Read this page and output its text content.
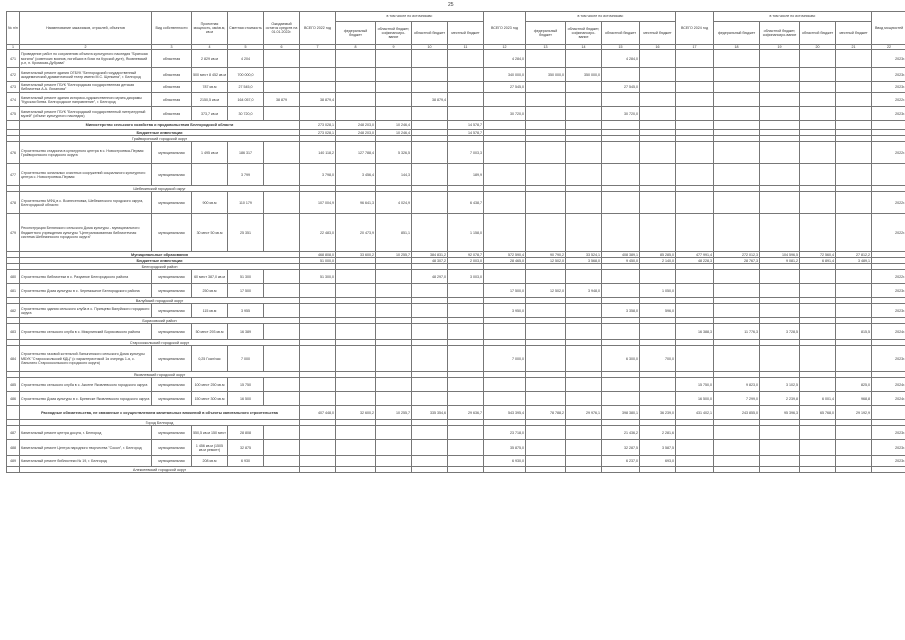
25
№ п/п	Наименование заказчиков, отраслей, объектов	Вид собственности	Проектная мощность, км/кв.м, кв.м	Сметная стоимость	Ожидаемый остаток средств на 01.01.2022г.	ВСЕГО 2022 год	в том числе по источникам:				ВСЕГО 2023 год	в том числе по источникам:				ВСЕГО 2024 год	в том числе по источникам:				Ввод мощностей
							федеральный бюджет	областной бюджет, софинансиро-вание	областной бюджет	местный бюджет		федеральный бюджет	областной бюджет, софинансиро-вание	областной бюджет	местный бюджет		федеральный бюджет	областной бюджет, софинансиро-вание	областной бюджет	местный бюджет	
1	2	3	4	5	6	7	8	9	10	11	12	13	14	15	16	17	18	19	20	21	22
471	Проведение работ по сохранению объекта культурного наследия "Братская могила" (советских воинов, погибших в боях на Курской дуге), Яковлевский р-н, п. Кромская-Дубрава"	областная	2 829 кв.м	4 204							4 284,0			4 284,0							2023г.
472	Капитальный ремонт здания ОГБУК "Белгородский государственный академический драматический театр имени М.С. Щепкина", г. Белгород	областная	500 мест 8 452 кв.м	700 000,0							340 000,0	350 000,0	350 000,0								2023г.
473	Капитальный ремонт ГБУК "Белгородская государственная детская библиотека А.А. Лиханова"	областная	787 кв.м	27 545,0							27 545,0			27 545,0							2023г.
474	Капитальный ремонт здания историко-художественного музея-диорамы "Курская битва. Белгородское направление", г. Белгород	областная	2150,5 кв.м	164 057,0	38 879	38 879,4			38 879,4												2022г.
475	Капитальный ремонт ГБУК "Белгородский государственный литературный музей" (объект культурного наследия)	областная	373,7 кв.м	30 720,0							30 720,0			30 720,0							2023г.
	Министерство сельского хозяйства и продовольствия Белгородской области					273 028,1	248 203,0	10 246,4		14 578,7											
	Бюджетные инвестиции					273 028,1	248 203,0	10 246,4		14 578,7											
	Грайворонский городской округ																				
476	Строительство стадиона в культурного центра в с. Новостроевка-Первая Грайворонского городского округа	муниципальная	1 495 кв.м	186 317		140 118,2	127 788,4	5 326,5		7 003,3											2022г.
477	Строительство зональных очистных сооружений социального культурного центра с. Новостроевка-Первая	муниципальная		3 799		3 798,0	3 456,4	144,3		189,9											
	Шебекинский городской округ																				
478	Строительство МФЦ в с. Вознесеновка, Шебекинского городского округа, Белгородской области	муниципальная	900 кв.м	110 179		107 004,9	96 641,3	4 024,9		6 438,7											2022г.
479	Реконструкция Белянского сельского Дома культуры - муниципального бюджетного учреждения культуры "Централизованная библиотечная система Шебекинского городского округа"	муниципальная	30 мест 50 кв.м	25 351		22 483,0	20 473,9	851,1		1 158,0											2022г.
	Муниципальные образования					468 808,0	33 600,2	10 255,7	384 831,2	92 078,7	572 590,4	90 790,2	33 524,1	408 389,1	85 285,0	477 991,4	272 012,3	104 596,5	72 560,4	27 812,2	
	Бюджетные инвестиции					51 000,0			48 307,2	2 003,0	28 465,0	12 502,0	3 568,0	9 450,0	2 140,0	48 228,3	28 767,3	9 081,2	6 891,4	3 489,1	
	Белгородский район																				
480	Строительство библиотеки в с. Разумное Белгородского района	муниципальная	60 мест 387,0 кв.м	51 300		51 300,0			48 297,0	3 003,0											2022г.
481	Строительство Дома культуры в с. Черемошное Белгородского района	муниципальная	250 кв.м	17 500							17 500,0	12 502,0	3 948,0		1 050,0						2023г.
	Валуйский городской округ																				
482	Строительство здания сельского клуба в с. Принцево Валуйского городского округа	муниципальная	115 кв.м	3 955							3 950,0			3 358,0	596,0						2023г.
	Борисовский район																				
483	Строительство сельского клуба в с. Микулинский Борисовского района	муниципальная	50 мест 293 кв.м	16 389												16 388,3	11 776,3	3 728,5		815,5	2024г.
	Старооскольский городской округ																				
484	Строительство газовой котельной Лапыгинского сельского Дома культуры МБУК "Старооскольский КДЦ" (с характеристикой 1я очередь 1-я, с. Лапыгино Старооскольского городского округа)	муниципальная	0,25 Гкал/час	7 000							7 000,0			6 300,0	700,0						2023г.
	Яковлевский городской округ																				
485	Строительство сельского клуба в с. Аксене Яковлевского городского округа	муниципальная	100 мест 250 кв.м	15 750												15 750,0	9 823,0	3 102,5		825,0	2024г.
486	Строительство Дома культуры в с. Бревеске Яковлевского городского округа	муниципальная	150 мест 300 кв.м	16 500												16 500,0	7 299,0	2 239,8	6 001,4	968,8	2024г.
	Расходные обязательства, не связанные с осуществлением капитальных вложений в объекты капитального строительства					407 448,0	32 600,2	10 255,7	335 354,6	29 636,7	543 395,4	78 788,2	29 976,1	398 380,1	36 239,0	431 402,1	243 855,0	95 396,3	65 768,0	29 192,9	
	Город Белгород																				
487	Капитальный ремонт центра досуга, г. Белгород	муниципальная	550,5 кв.м 150 мест	28 808							23 718,0			21 436,2	2 281,6						2023г.
488	Капитальный ремонт Центра народного творчества "Сокол", г. Белгород	муниципальная	1 456 кв.м (1505 кв.м ремонт)	32 875							35 875,0			32 287,5	3 587,5						2023г.
489	Капитальный ремонт библиотеки № 19, г. Белгород	муниципальная	208 кв.м	6 930							6 930,0			6 237,0	693,0						2023г.
	Алексеевский городской округ																				
